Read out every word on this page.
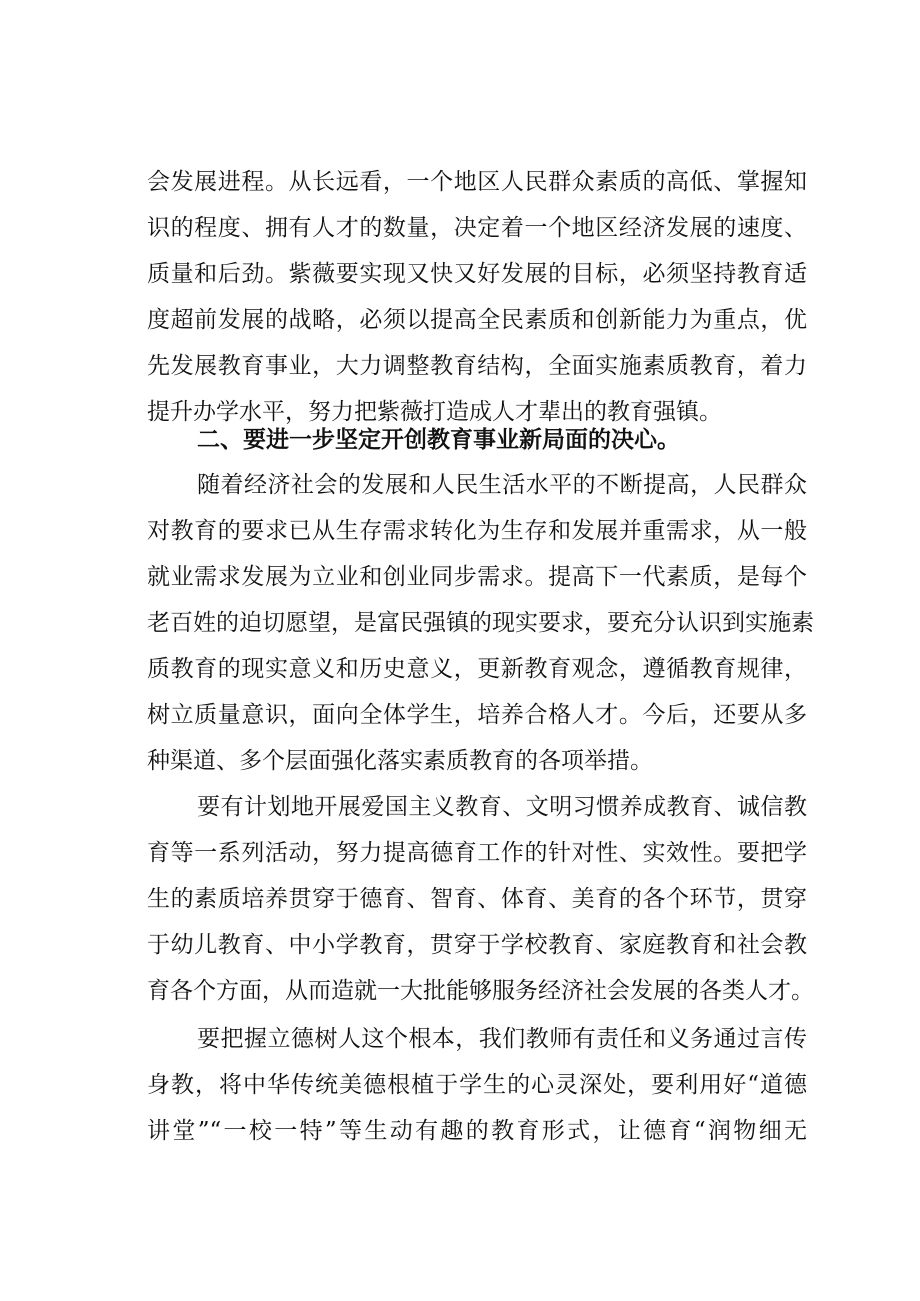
会发展进程。从长远看，一个地区人民群众素质的高低、掌握知
识的程度、拥有人才的数量，决定着一个地区经济发展的速度、
质量和后劲。紫薇要实现又快又好发展的目标，必须坚持教育适
度超前发展的战略，必须以提高全民素质和创新能力为重点，优
先发展教育事业，大力调整教育结构，全面实施素质教育，着力
提升办学水平，努力把紫薇打造成人才辈出的教育强镇。
二、要进一步坚定开创教育事业新局面的决心。
随着经济社会的发展和人民生活水平的不断提高，人民群众
对教育的要求已从生存需求转化为生存和发展并重需求，从一般
就业需求发展为立业和创业同步需求。提高下一代素质，是每个
老百姓的迫切愿望，是富民强镇的现实要求，要充分认识到实施素
质教育的现实意义和历史意义，更新教育观念，遵循教育规律，
树立质量意识，面向全体学生，培养合格人才。今后，还要从多
种渠道、多个层面强化落实素质教育的各项举措。
要有计划地开展爱国主义教育、文明习惯养成教育、诚信教
育等一系列活动，努力提高德育工作的针对性、实效性。要把学
生的素质培养贯穿于德育、智育、体育、美育的各个环节，贯穿
于幼儿教育、中小学教育，贯穿于学校教育、家庭教育和社会教
育各个方面，从而造就一大批能够服务经济社会发展的各类人才。
要把握立德树人这个根本，我们教师有责任和义务通过言传
身教，将中华传统美德根植于学生的心灵深处，要利用好“道德
讲堂”“一校一特”等生动有趣的教育形式，让德育“润物细无
